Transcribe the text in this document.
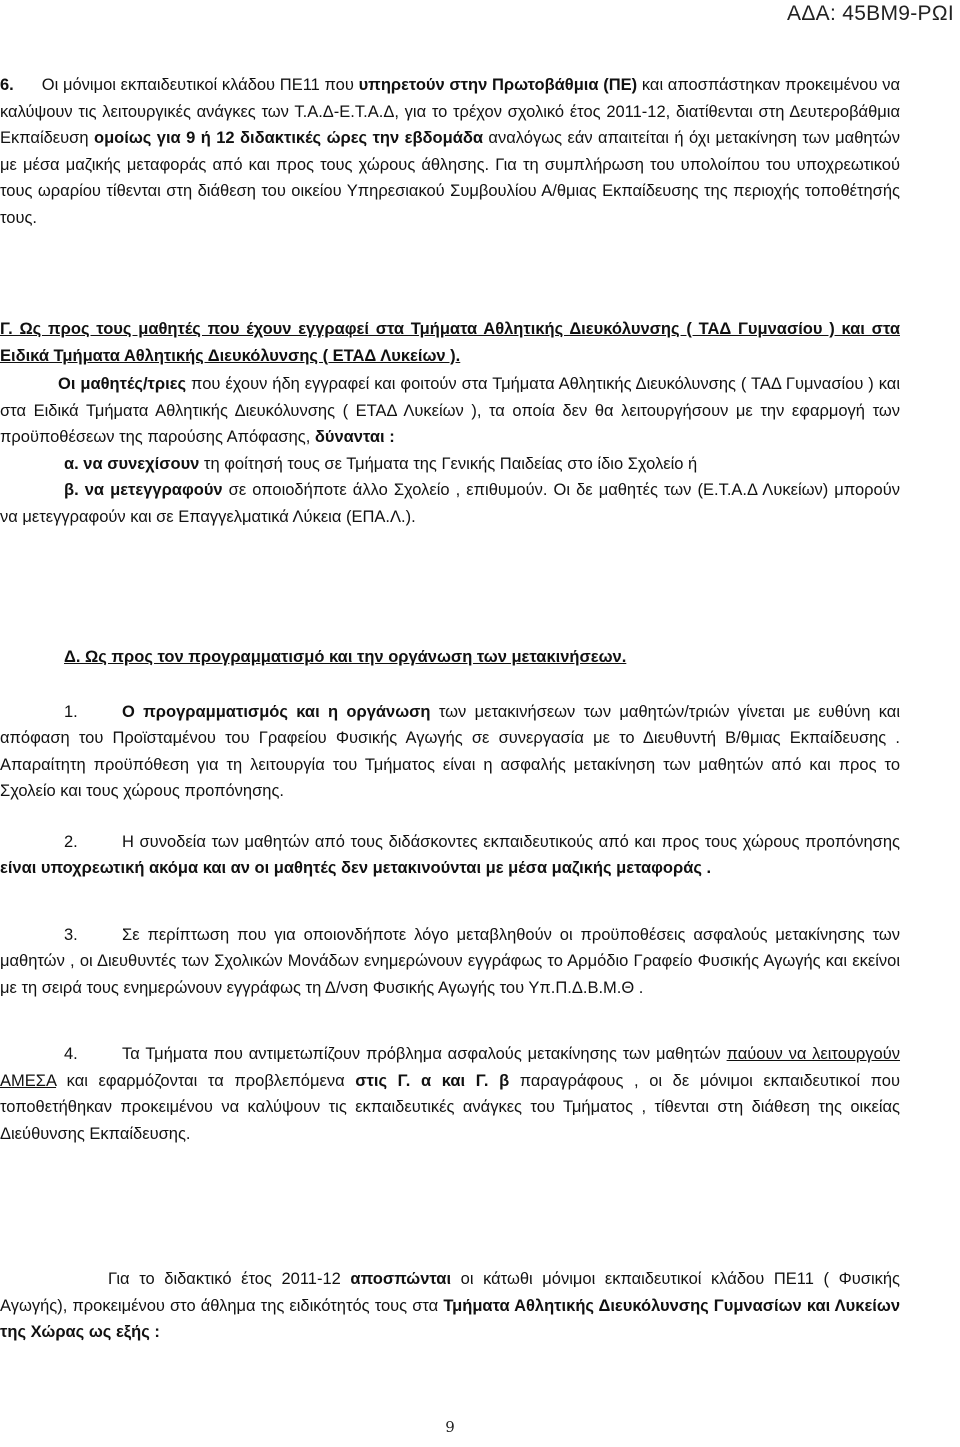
ΑΔΑ: 45ΒΜ9-ΡΩΙ

6. Οι μόνιμοι εκπαιδευτικοί κλάδου ΠΕ11 που υπηρετούν στην Πρωτοβάθμια (ΠΕ) και αποσπάστηκαν προκειμένου να καλύψουν τις λειτουργικές ανάγκες των Τ.Α.Δ-Ε.Τ.Α.Δ, για το τρέχον σχολικό έτος 2011-12, διατίθενται στη Δευτεροβάθμια Εκπαίδευση ομοίως για 9 ή 12 διδακτικές ώρες την εβδομάδα αναλόγως εάν απαιτείται ή όχι μετακίνηση των μαθητών με μέσα μαζικής μεταφοράς από και προς τους χώρους άθλησης. Για τη συμπλήρωση του υπολοίπου του υποχρεωτικού τους ωραρίου τίθενται στη διάθεση του οικείου Υπηρεσιακού Συμβουλίου Α/θμιας Εκπαίδευσης της περιοχής τοποθέτησής τους.

Γ. Ως προς τους μαθητές που έχουν εγγραφεί στα Τμήματα Αθλητικής Διευκόλυνσης ( ΤΑΔ Γυμνασίου ) και στα Ειδικά Τμήματα Αθλητικής Διευκόλυνσης ( ΕΤΑΔ Λυκείων ).

Οι μαθητές/τριες που έχουν ήδη εγγραφεί και φοιτούν στα Τμήματα Αθλητικής Διευκόλυνσης ( ΤΑΔ Γυμνασίου ) και στα Ειδικά Τμήματα Αθλητικής Διευκόλυνσης ( ΕΤΑΔ Λυκείων ), τα οποία δεν θα λειτουργήσουν με την εφαρμογή των προϋποθέσεων της παρούσης Απόφασης, δύνανται :

α. να συνεχίσουν τη φοίτησή τους σε Τμήματα της Γενικής Παιδείας στο ίδιο Σχολείο ή

β. να μετεγγραφούν σε οποιοδήποτε άλλο Σχολείο , επιθυμούν. Οι δε μαθητές των (Ε.Τ.Α.Δ Λυκείων) μπορούν να μετεγγραφούν και σε Επαγγελματικά Λύκεια (ΕΠΑ.Λ.).

Δ. Ως προς τον προγραμματισμό και την οργάνωση των μετακινήσεων.

1.	Ο προγραμματισμός και η οργάνωση των μετακινήσεων των μαθητών/τριών γίνεται με ευθύνη και απόφαση του Προϊσταμένου του Γραφείου Φυσικής Αγωγής σε συνεργασία με το Διευθυντή Β/θμιας Εκπαίδευσης . Απαραίτητη προϋπόθεση για τη λειτουργία του Τμήματος είναι η ασφαλής μετακίνηση των μαθητών από και προς το Σχολείο και τους χώρους προπόνησης.

2.	Η συνοδεία των μαθητών από τους διδάσκοντες εκπαιδευτικούς από και προς τους χώρους προπόνησης είναι υποχρεωτική ακόμα και αν οι μαθητές δεν μετακινούνται με μέσα μαζικής μεταφοράς .

3.	Σε περίπτωση που για οποιονδήποτε λόγο μεταβληθούν οι προϋποθέσεις ασφαλούς μετακίνησης των μαθητών , οι Διευθυντές των Σχολικών Μονάδων ενημερώνουν εγγράφως το Αρμόδιο Γραφείο Φυσικής Αγωγής και εκείνοι με τη σειρά τους ενημερώνουν εγγράφως τη Δ/νση Φυσικής Αγωγής του Υπ.Π.Δ.Β.Μ.Θ .

4.	Τα Τμήματα που αντιμετωπίζουν πρόβλημα ασφαλούς μετακίνησης των μαθητών παύουν να λειτουργούν ΑΜΕΣΑ και εφαρμόζονται τα προβλεπόμενα στις Γ. α και Γ. β παραγράφους , οι δε μόνιμοι εκπαιδευτικοί που τοποθετήθηκαν προκειμένου να καλύψουν τις εκπαιδευτικές ανάγκες του Τμήματος , τίθενται στη διάθεση της οικείας Διεύθυνσης Εκπαίδευσης.

Για το διδακτικό έτος 2011-12 αποσπώνται οι κάτωθι μόνιμοι εκπαιδευτικοί κλάδου ΠΕ11 ( Φυσικής Αγωγής), προκειμένου στο άθλημα της ειδικότητός τους στα Τμήματα Αθλητικής Διευκόλυνσης Γυμνασίων και Λυκείων της Χώρας ως εξής :

9
